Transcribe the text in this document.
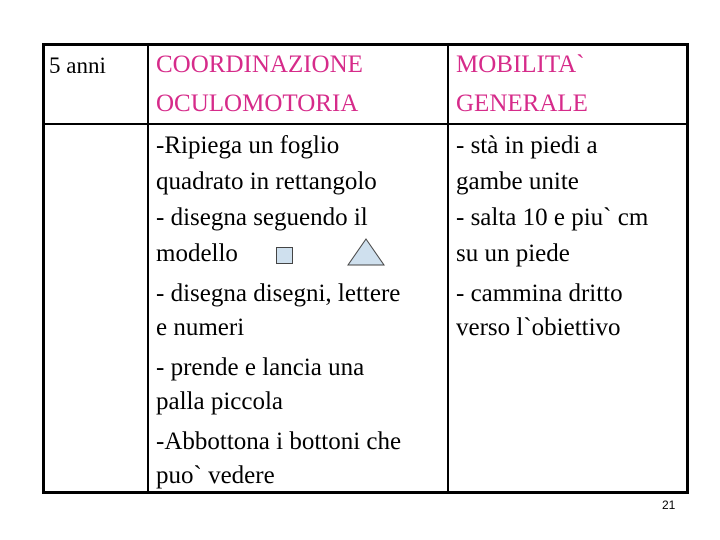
5 anni COORDINAZIONE
OCULOMOTORIA
MOBILITA`
GENERALE
-Ripiega un foglio
quadrato in rettangolo
- disegna seguendo il
modello
- disegna disegni, lettere
e numeri
- prende e lancia una
palla piccola
-Abbottona i bottoni che
puo` vedere
- stà in piedi a
gambe unite
- salta 10 e piu` cm
su un piede
- cammina dritto
verso l`obiettivo
21
